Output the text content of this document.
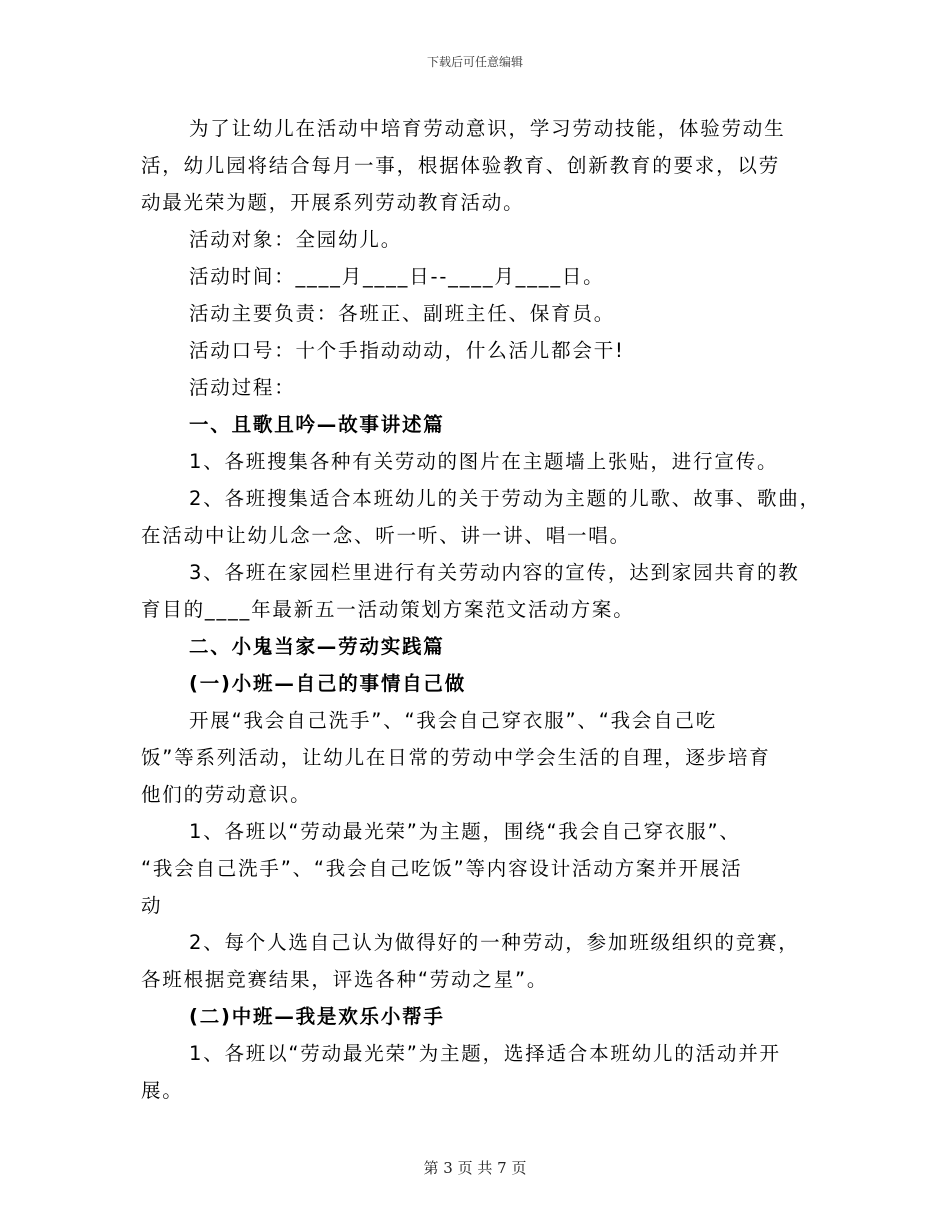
下载后可任意编辑

为了让幼儿在活动中培育劳动意识，学习劳动技能，体验劳动生
活，幼儿园将结合每月一事，根据体验教育、创新教育的要求，以劳
动最光荣为题，开展系列劳动教育活动。

活动对象：全园幼儿。

活动时间：____月____日--____月____日。

活动主要负责：各班正、副班主任、保育员。

活动口号：十个手指动动动，什么活儿都会干!

活动过程：

一、且歌且吟—故事讲述篇

1、各班搜集各种有关劳动的图片在主题墙上张贴，进行宣传。

2、各班搜集适合本班幼儿的关于劳动为主题的儿歌、故事、歌曲，
在活动中让幼儿念一念、听一听、讲一讲、唱一唱。

3、各班在家园栏里进行有关劳动内容的宣传，达到家园共育的教
育目的____年最新五一活动策划方案范文活动方案。

二、小鬼当家—劳动实践篇

(一)小班—自己的事情自己做

开展“我会自己洗手”、“我会自己穿衣服”、“我会自己吃
饭”等系列活动，让幼儿在日常的劳动中学会生活的自理，逐步培育
他们的劳动意识。

1、各班以“劳动最光荣”为主题，围绕“我会自己穿衣服”、
“我会自己洗手”、“我会自己吃饭”等内容设计活动方案并开展活
动

2、每个人选自己认为做得好的一种劳动，参加班级组织的竞赛，
各班根据竞赛结果，评选各种“劳动之星”。

(二)中班—我是欢乐小帮手

1、各班以“劳动最光荣”为主题，选择适合本班幼儿的活动并开
展。

第 3 页 共 7 页
